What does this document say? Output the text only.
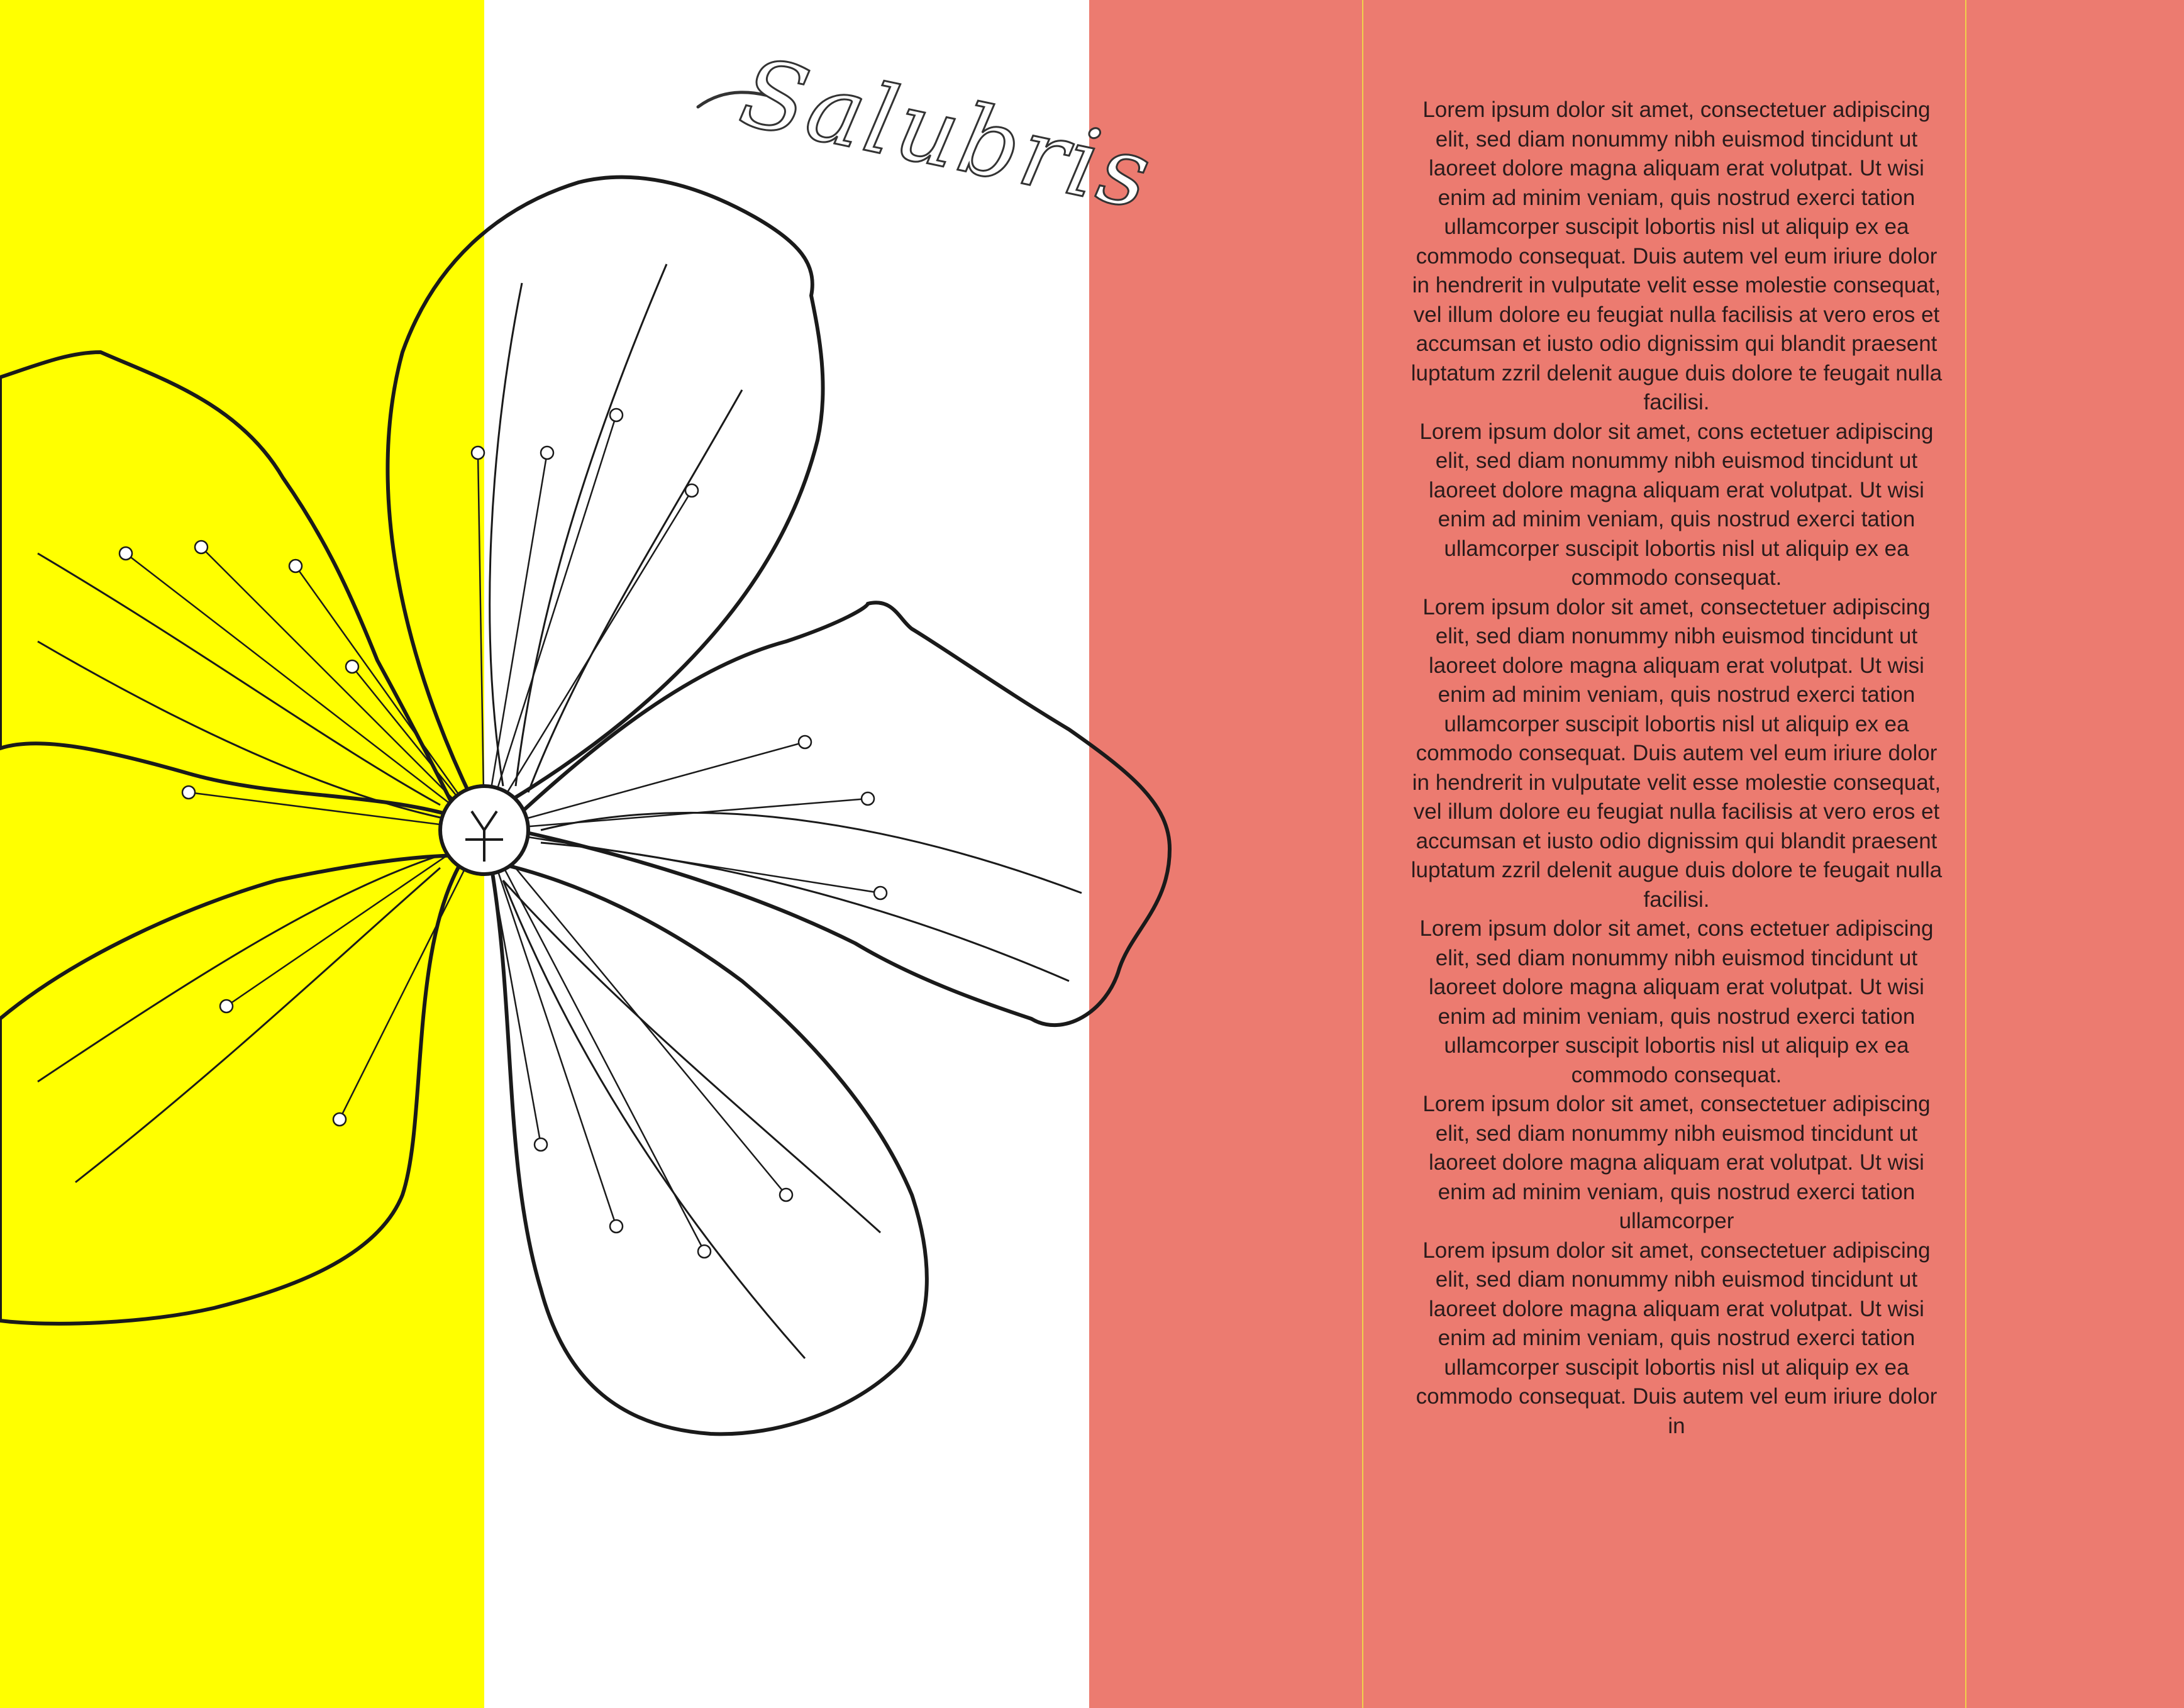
Salubris	Lorem ipsum dolor sit amet, consectetuer adipiscing elit, sed diam nonummy nibh euismod tincidunt ut laoreet dolore magna aliquam erat volutpat. Ut wisi enim ad minim veniam, quis nostrud exerci tation ullamcorper suscipit lobortis nisl ut aliquip ex ea commodo consequat. Duis autem vel eum iriure dolor in hendrerit in vulputate velit esse molestie consequat, vel illum dolore eu feugiat nulla facilisis at vero eros et accumsan et iusto odio dignissim qui blandit praesent luptatum zzril delenit augue duis dolore te feugait nulla facilisi.

Lorem ipsum dolor sit amet, cons ectetuer adipiscing elit, sed diam nonummy nibh euismod tincidunt ut laoreet dolore magna aliquam erat volutpat. Ut wisi enim ad minim veniam, quis nostrud exerci tation ullamcorper suscipit lobortis nisl ut aliquip ex ea commodo consequat.

Lorem ipsum dolor sit amet, consectetuer adipiscing elit, sed diam nonummy nibh euismod tincidunt ut laoreet dolore magna aliquam erat volutpat. Ut wisi enim ad minim veniam, quis nostrud exerci tation ullamcorper suscipit lobortis nisl ut aliquip ex ea commodo consequat. Duis autem vel eum iriure dolor in hendrerit in vulputate velit esse molestie consequat, vel illum dolore eu feugiat nulla facilisis at vero eros et accumsan et iusto odio dignissim qui blandit praesent luptatum zzril delenit augue duis dolore te feugait nulla facilisi.

Lorem ipsum dolor sit amet, cons ectetuer adipiscing elit, sed diam nonummy nibh euismod tincidunt ut laoreet dolore magna aliquam erat volutpat. Ut wisi enim ad minim veniam, quis nostrud exerci tation ullamcorper suscipit lobortis nisl ut aliquip ex ea commodo consequat.

Lorem ipsum dolor sit amet, consectetuer adipiscing elit, sed diam nonummy nibh euismod tincidunt ut laoreet dolore magna aliquam erat volutpat. Ut wisi enim ad minim veniam, quis nostrud exerci tation ullamcorper

Lorem ipsum dolor sit amet, consectetuer adipiscing elit, sed diam nonummy nibh euismod tincidunt ut laoreet dolore magna aliquam erat volutpat. Ut wisi enim ad minim veniam, quis nostrud exerci tation ullamcorper suscipit lobortis nisl ut aliquip ex ea commodo consequat. Duis autem vel eum iriure dolor in
